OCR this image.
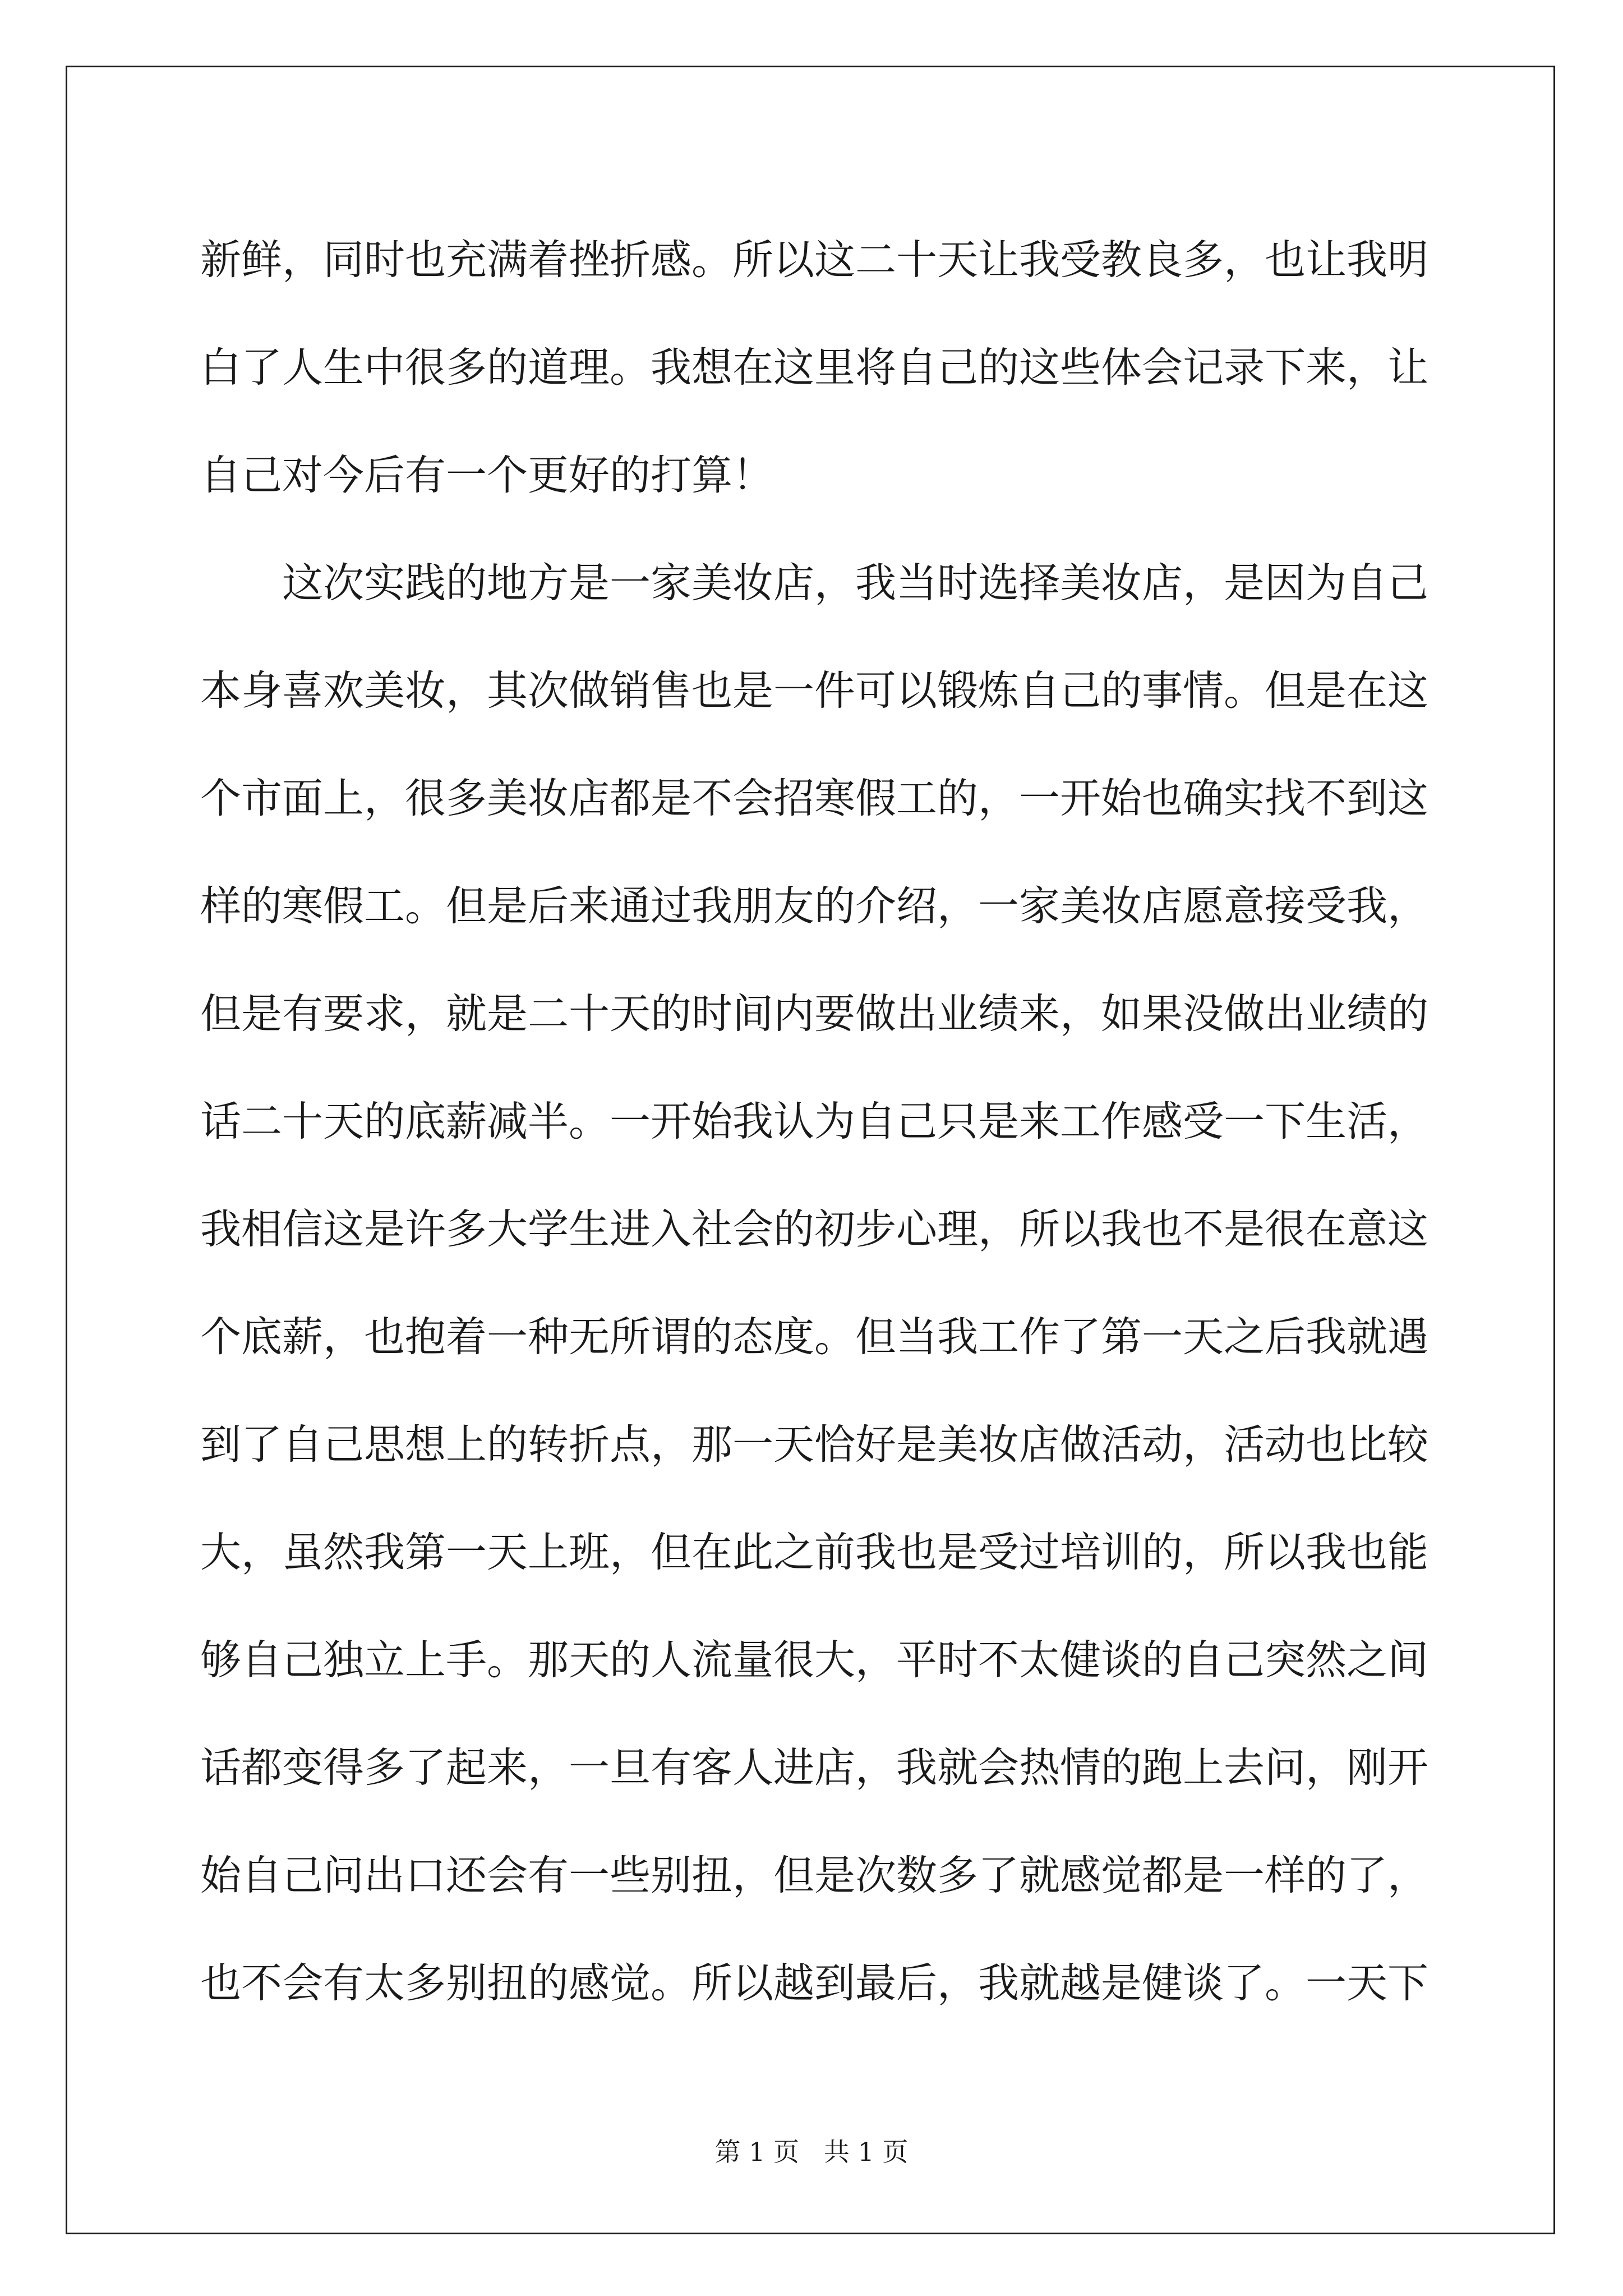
新鲜，同时也充满着挫折感。所以这二十天让我受教良多，也让我明
白了人生中很多的道理。我想在这里将自己的这些体会记录下来，让
自己对今后有一个更好的打算！
这次实践的地方是一家美妆店，我当时选择美妆店，是因为自己
本身喜欢美妆，其次做销售也是一件可以锻炼自己的事情。但是在这
个市面上，很多美妆店都是不会招寒假工的，一开始也确实找不到这
样的寒假工。但是后来通过我朋友的介绍，一家美妆店愿意接受我，
但是有要求，就是二十天的时间内要做出业绩来，如果没做出业绩的
话二十天的底薪减半。一开始我认为自己只是来工作感受一下生活，
我相信这是许多大学生进入社会的初步心理，所以我也不是很在意这
个底薪，也抱着一种无所谓的态度。但当我工作了第一天之后我就遇
到了自己思想上的转折点，那一天恰好是美妆店做活动，活动也比较
大，虽然我第一天上班，但在此之前我也是受过培训的，所以我也能
够自己独立上手。那天的人流量很大，平时不太健谈的自己突然之间
话都变得多了起来，一旦有客人进店，我就会热情的跑上去问，刚开
始自己问出口还会有一些别扭，但是次数多了就感觉都是一样的了，
也不会有太多别扭的感觉。所以越到最后，我就越是健谈了。一天下
第 1 页   共 1 页
